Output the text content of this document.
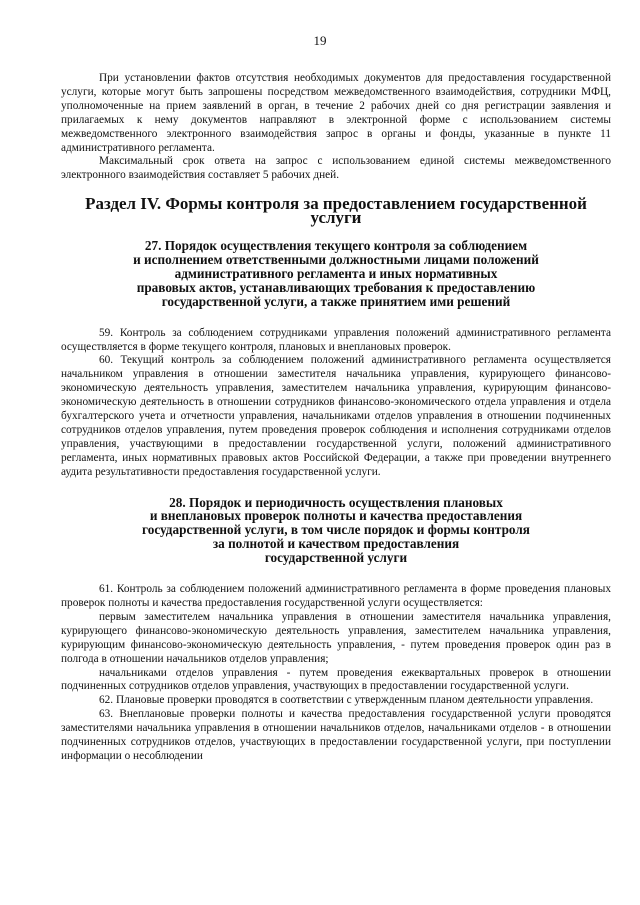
19

При установлении фактов отсутствия необходимых документов для предоставления государственной услуги, которые могут быть запрошены посредством межведомственного взаимодействия, сотрудники МФЦ, уполномоченные на прием заявлений в орган, в течение 2 рабочих дней со дня регистрации заявления и прилагаемых к нему документов направляют в электронной форме с использованием системы межведомственного электронного взаимодействия запрос в органы и фонды, указанные в пункте 11 административного регламента.

Максимальный срок ответа на запрос с использованием единой системы межведомственного электронного взаимодействия составляет 5 рабочих дней.

Раздел IV. Формы контроля за предоставлением государственной услуги
27. Порядок осуществления текущего контроля за соблюдением
и исполнением ответственными должностными лицами положений
административного регламента и иных нормативных
правовых актов, устанавливающих требования к предоставлению
государственной услуги, а также принятием ими решений

59. Контроль за соблюдением сотрудниками управления положений административного регламента осуществляется в форме текущего контроля, плановых и внеплановых проверок.

60. Текущий контроль за соблюдением положений административного регламента осуществляется начальником управления в отношении заместителя начальника управления, курирующего финансово-экономическую деятельность управления, заместителем начальника управления, курирующим финансово-экономическую деятельность в отношении сотрудников финансово-экономического отдела управления и отдела бухгалтерского учета и отчетности управления, начальниками отделов управления в отношении подчиненных сотрудников отделов управления, путем проведения проверок соблюдения и исполнения сотрудниками отделов управления, участвующими в предоставлении государственной услуги, положений административного регламента, иных нормативных правовых актов Российской Федерации, а также при проведении внутреннего аудита результативности предоставления государственной услуги.

28. Порядок и периодичность осуществления плановых
и внеплановых проверок полноты и качества предоставления
государственной услуги, в том числе порядок и формы контроля
за полнотой и качеством предоставления
государственной услуги

61. Контроль за соблюдением положений административного регламента в форме проведения плановых проверок полноты и качества предоставления государственной услуги осуществляется:

первым заместителем начальника управления в отношении заместителя начальника управления, курирующего финансово-экономическую деятельность управления, заместителем начальника управления, курирующим финансово-экономическую деятельность управления, - путем проведения проверок один раз в полгода в отношении начальников отделов управления;

начальниками отделов управления - путем проведения ежеквартальных проверок в отношении подчиненных сотрудников отделов управления, участвующих в предоставлении государственной услуги.

62. Плановые проверки проводятся в соответствии с утвержденным планом деятельности управления.

63. Внеплановые проверки полноты и качества предоставления государственной услуги проводятся заместителями начальника управления в отношении начальников отделов, начальниками отделов - в отношении подчиненных сотрудников отделов, участвующих в предоставлении государственной услуги, при поступлении информации о несоблюдении
